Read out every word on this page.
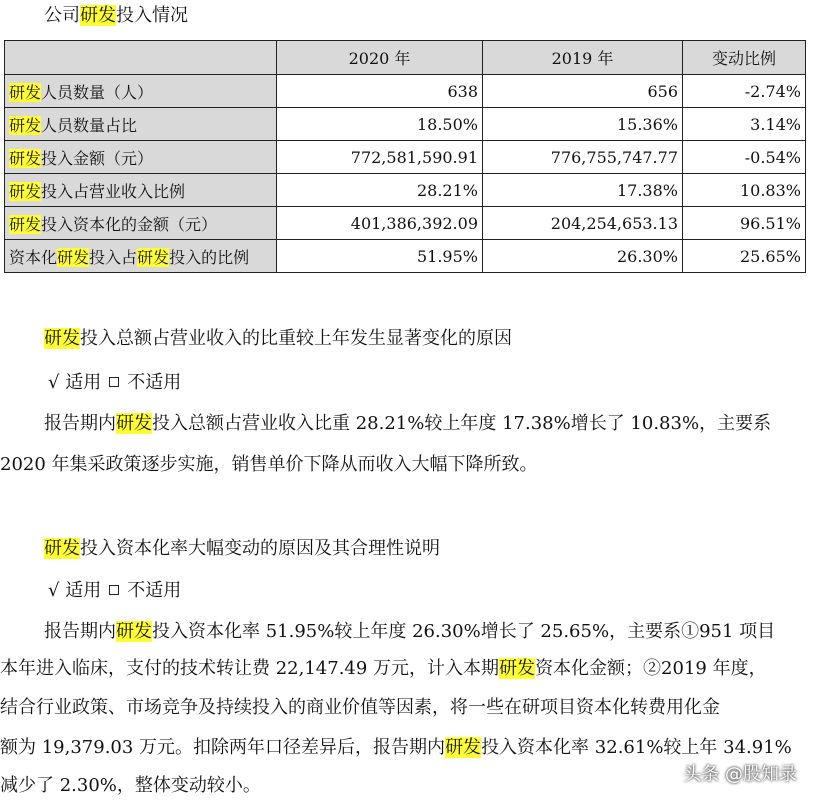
公司研发投入情况
	2020 年	2019 年	变动比例
研发人员数量（人）	638	656	-2.74%
研发人员数量占比	18.50%	15.36%	3.14%
研发投入金额（元）	772,581,590.91	776,755,747.77	-0.54%
研发投入占营业收入比例	28.21%	17.38%	10.83%
研发投入资本化的金额（元）	401,386,392.09	204,254,653.13	96.51%
资本化研发投入占研发投入的比例	51.95%	26.30%	25.65%
研发投入总额占营业收入的比重较上年发生显著变化的原因
√ 适用 不适用
报告期内研发投入总额占营业收入比重 28.21%较上年度 17.38%增长了 10.83%，主要系
2020 年集采政策逐步实施，销售单价下降从而收入大幅下降所致。
研发投入资本化率大幅变动的原因及其合理性说明
√ 适用 不适用
报告期内研发投入资本化率 51.95%较上年度 26.30%增长了 25.65%，主要系①951 项目
本年进入临床，支付的技术转让费 22,147.49 万元，计入本期研发资本化金额；②2019 年度，
结合行业政策、市场竞争及持续投入的商业价值等因素，将一些在研项目资本化转费用化金
额为 19,379.03 万元。扣除两年口径差异后，报告期内研发投入资本化率 32.61%较上年 34.91%
减少了 2.30%，整体变动较小。
头条 @股知录
